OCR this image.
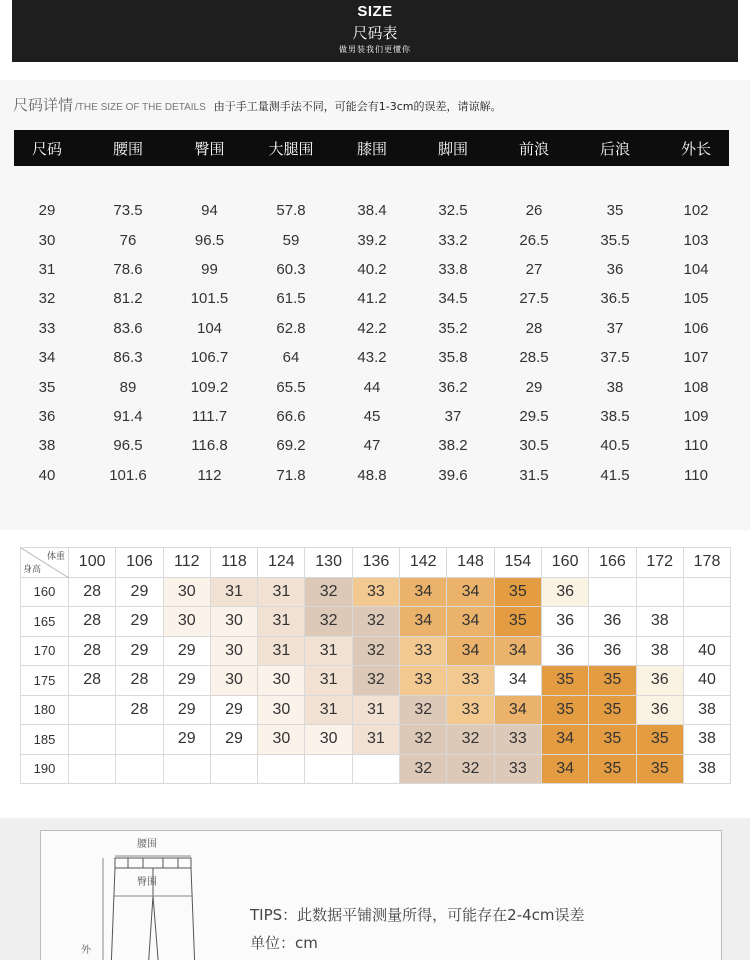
SIZE
尺码表
做男装我们更懂你
尺码详情 /THE SIZE OF THE DETAILS 由于手工量测手法不同，可能会有1-3cm的误差，请谅解。
尺码	腰围	臀围	大腿围	膝围	脚围	前浪	后浪	外长
29	73.5	94	57.8	38.4	32.5	26	35	102
30	76	96.5	59	39.2	33.2	26.5	35.5	103
31	78.6	99	60.3	40.2	33.8	27	36	104
32	81.2	101.5	61.5	41.2	34.5	27.5	36.5	105
33	83.6	104	62.8	42.2	35.2	28	37	106
34	86.3	106.7	64	43.2	35.8	28.5	37.5	107
35	89	109.2	65.5	44	36.2	29	38	108
36	91.4	111.7	66.6	45	37	29.5	38.5	109
38	96.5	116.8	69.2	47	38.2	30.5	40.5	110
40	101.6	112	71.8	48.8	39.6	31.5	41.5	110
体重
身高	100	106	112	118	124	130	136	142	148	154	160	166	172	178
160	28	29	30	31	31	32	33	34	34	35	36			
165	28	29	30	30	31	32	32	34	34	35	36	36	38	
170	28	29	29	30	31	31	32	33	34	34	36	36	38	40
175	28	28	29	30	30	31	32	33	33	34	35	35	36	40
180		28	29	29	30	31	31	32	33	34	35	35	36	38
185			29	29	30	30	31	32	32	33	34	35	35	38
190								32	32	33	34	35	35	38
腰围
臀围
外
TIPS：此数据平铺测量所得，可能存在2-4cm误差
单位：cm
